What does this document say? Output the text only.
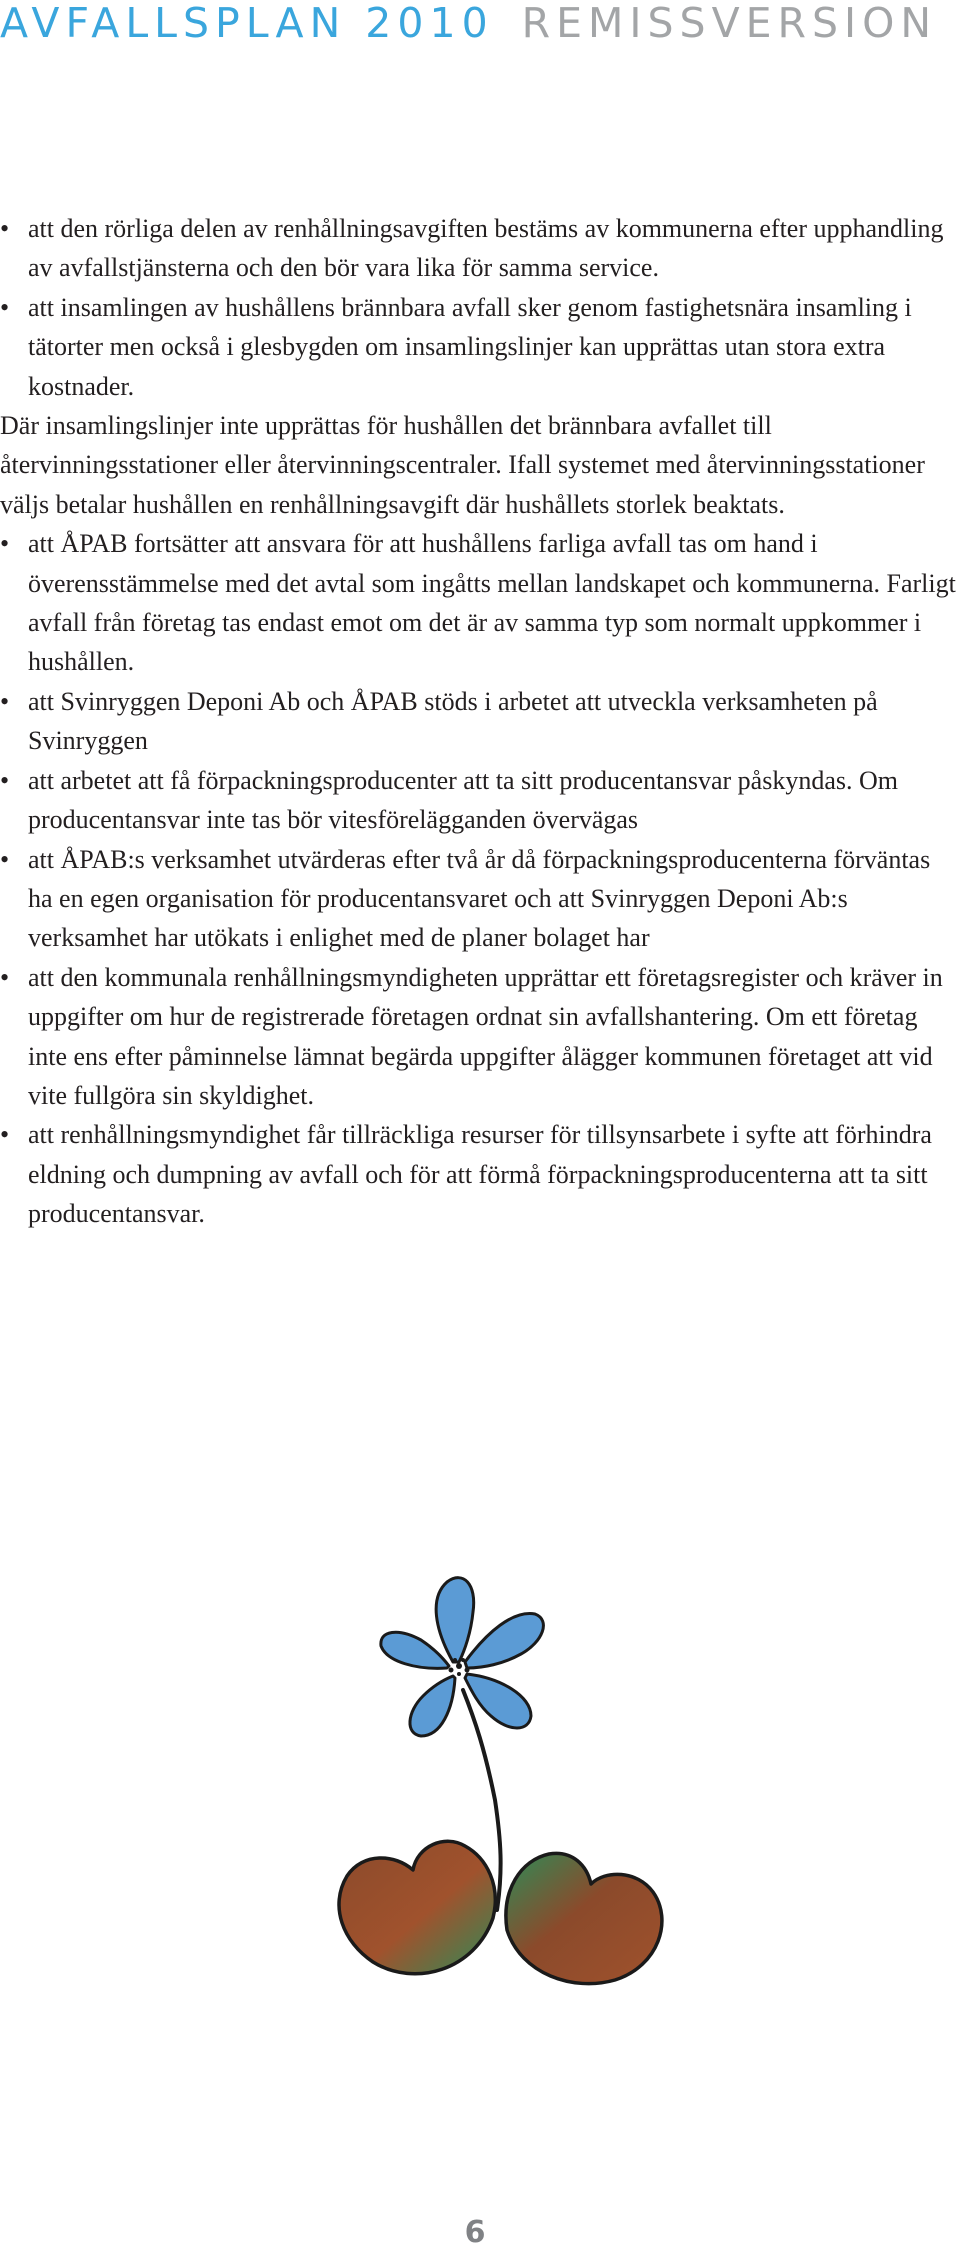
AVFALLSPLAN 2010 REMISSVERSION
• att den rörliga delen av renhållningsavgiften bestäms av kommunerna efter upphandling av avfallstjänsterna och den bör vara lika för samma service.
• att insamlingen av hushållens brännbara avfall sker genom fastighetsnära insamling i tätorter men också i glesbygden om insamlingslinjer kan upprättas utan stora extra kostnader.
Där insamlingslinjer inte upprättas för hushållen det brännbara avfallet till återvinningsstationer eller återvinningscentraler. Ifall systemet med återvinningsstationer väljs betalar hushållen en renhållningsavgift där hushållets storlek beaktats.
• att ÅPAB fortsätter att ansvara för att hushållens farliga avfall tas om hand i överensstämmelse med det avtal som ingåtts mellan landskapet och kommunerna. Farligt avfall från företag tas endast emot om det är av samma typ som normalt uppkommer i hushållen.
• att Svinryggen Deponi Ab och ÅPAB stöds i arbetet att utveckla verksamheten på Svinryggen
• att arbetet att få förpackningsproducenter att ta sitt producentansvar påskyndas. Om producentansvar inte tas bör vitesförelägganden övervägas
• att ÅPAB:s verksamhet utvärderas efter två år då förpackningsproducenterna förväntas ha en egen organisation för producentansvaret och att Svinryggen Deponi Ab:s verksamhet har utökats i enlighet med de planer bolaget har
• att den kommunala renhållningsmyndigheten upprättar ett företagsregister och kräver in uppgifter om hur de registrerade företagen ordnat sin avfallshantering. Om ett företag inte ens efter påminnelse lämnat begärda uppgifter ålägger kommunen företaget att vid vite fullgöra sin skyldighet.
• att renhållningsmyndighet får tillräckliga resurser för tillsynsarbete i syfte att förhindra eldning och dumpning av avfall och för att förmå förpackningsproducenterna att ta sitt producentansvar.
6
